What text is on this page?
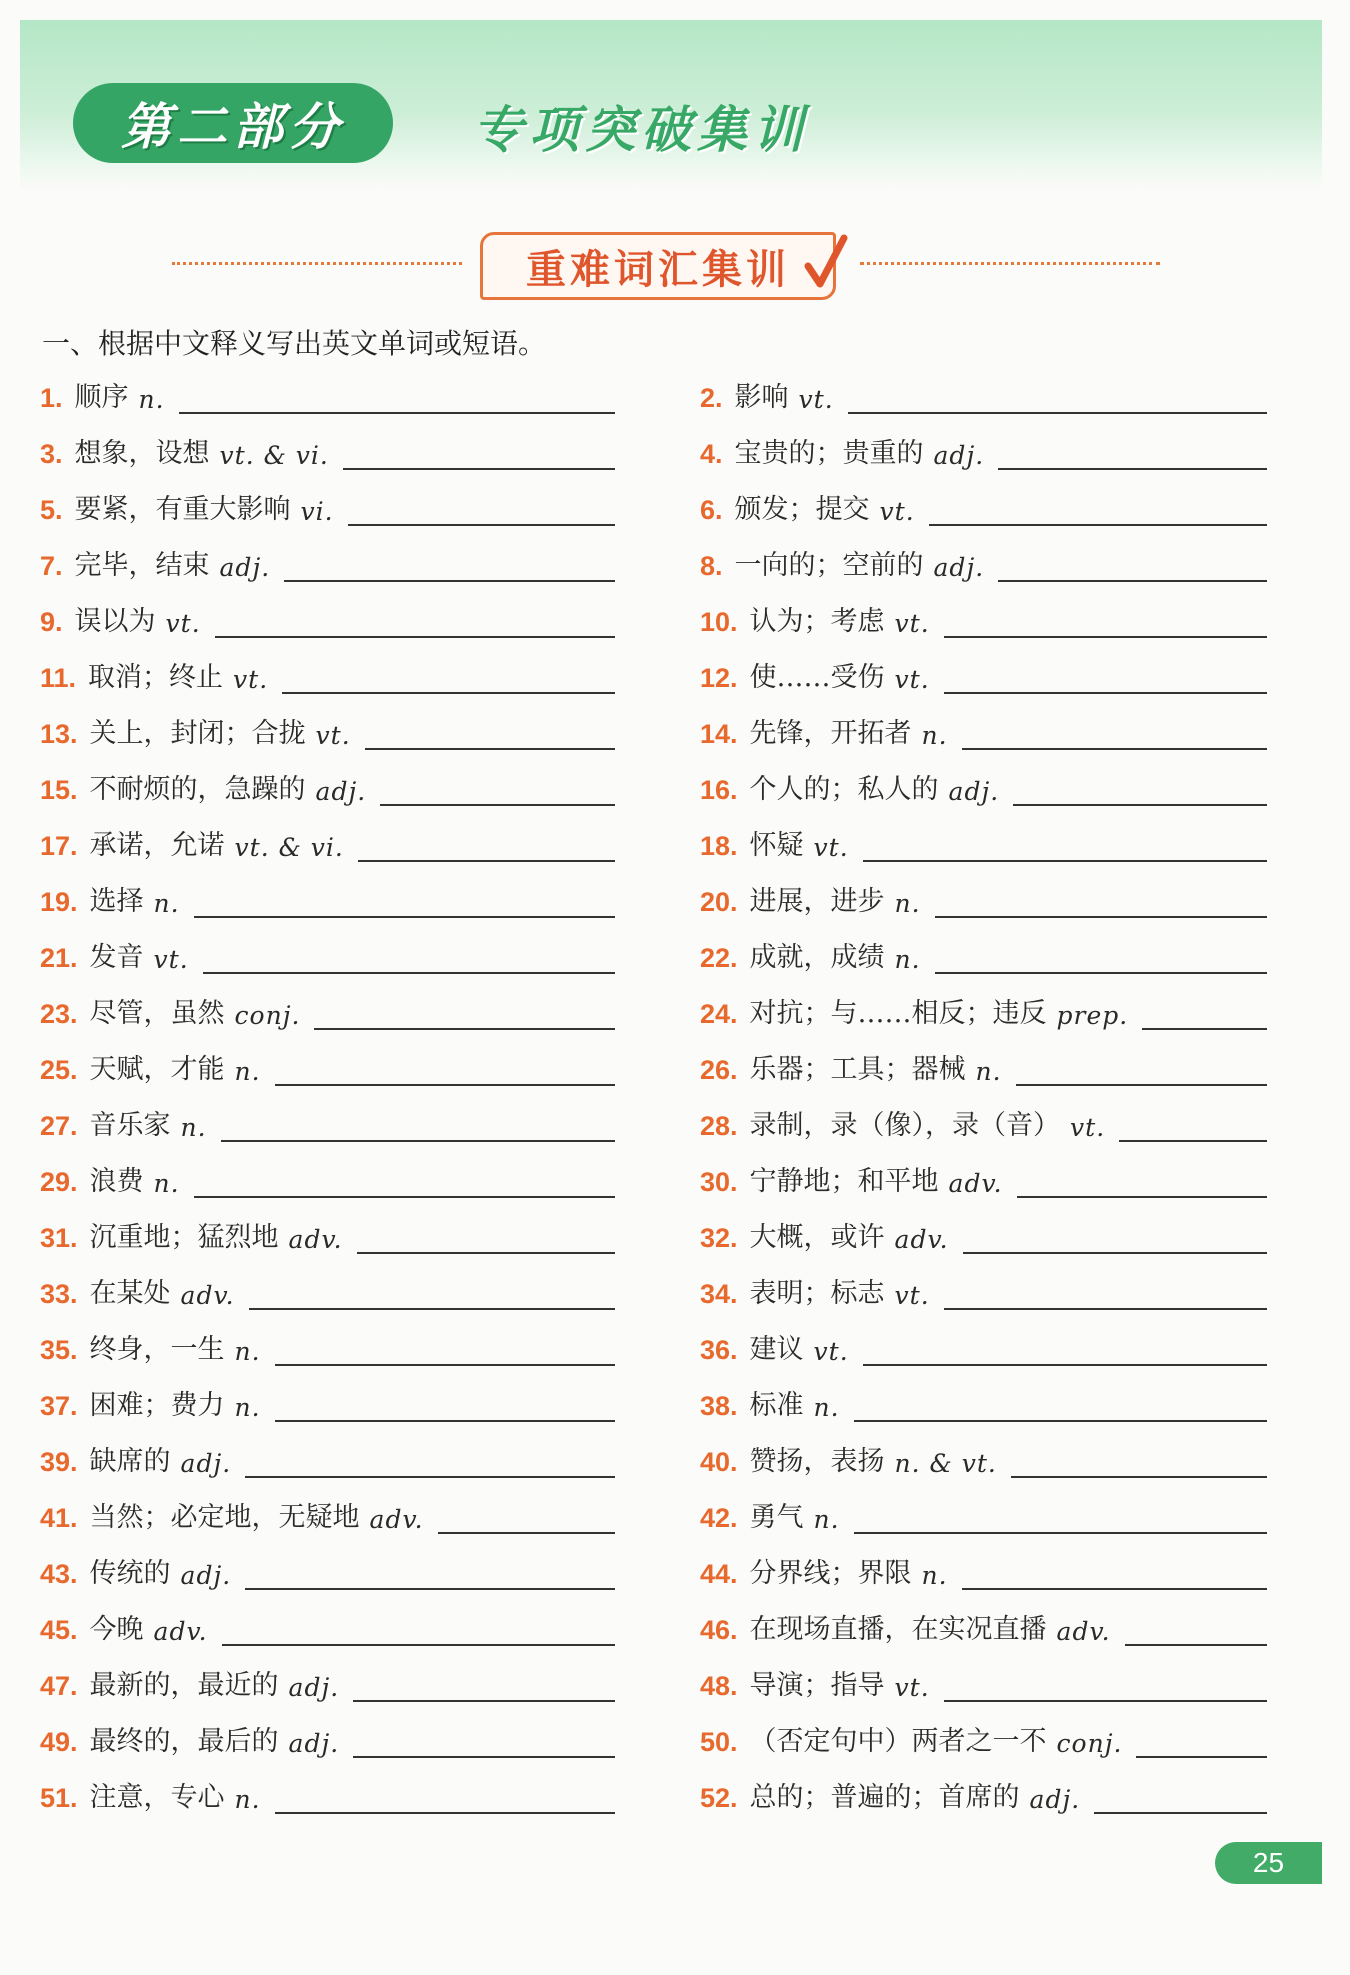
第二部分	专项突破集训
重难词汇集训
一、根据中文释义写出英文单词或短语。
1. 顺序 n.	2. 影响 vt.
3. 想象，设想 vt. & vi.	4. 宝贵的；贵重的 adj.
5. 要紧，有重大影响 vi.	6. 颁发；提交 vt.
7. 完毕，结束 adj.	8. 一向的；空前的 adj.
9. 误以为 vt.	10. 认为；考虑 vt.
11. 取消；终止 vt.	12. 使……受伤 vt.
13. 关上，封闭；合拢 vt.	14. 先锋，开拓者 n.
15. 不耐烦的，急躁的 adj.	16. 个人的；私人的 adj.
17. 承诺，允诺 vt. & vi.	18. 怀疑 vt.
19. 选择 n.	20. 进展，进步 n.
21. 发音 vt.	22. 成就，成绩 n.
23. 尽管，虽然 conj.	24. 对抗；与……相反；违反 prep.
25. 天赋，才能 n.	26. 乐器；工具；器械 n.
27. 音乐家 n.	28. 录制，录（像），录（音） vt.
29. 浪费 n.	30. 宁静地；和平地 adv.
31. 沉重地；猛烈地 adv.	32. 大概，或许 adv.
33. 在某处 adv.	34. 表明；标志 vt.
35. 终身，一生 n.	36. 建议 vt.
37. 困难；费力 n.	38. 标准 n.
39. 缺席的 adj.	40. 赞扬，表扬 n. & vt.
41. 当然；必定地，无疑地 adv.	42. 勇气 n.
43. 传统的 adj.	44. 分界线；界限 n.
45. 今晚 adv.	46. 在现场直播，在实况直播 adv.
47. 最新的，最近的 adj.	48. 导演；指导 vt.
49. 最终的，最后的 adj.	50. （否定句中）两者之一不 conj.
51. 注意，专心 n.	52. 总的；普遍的；首席的 adj.
25
